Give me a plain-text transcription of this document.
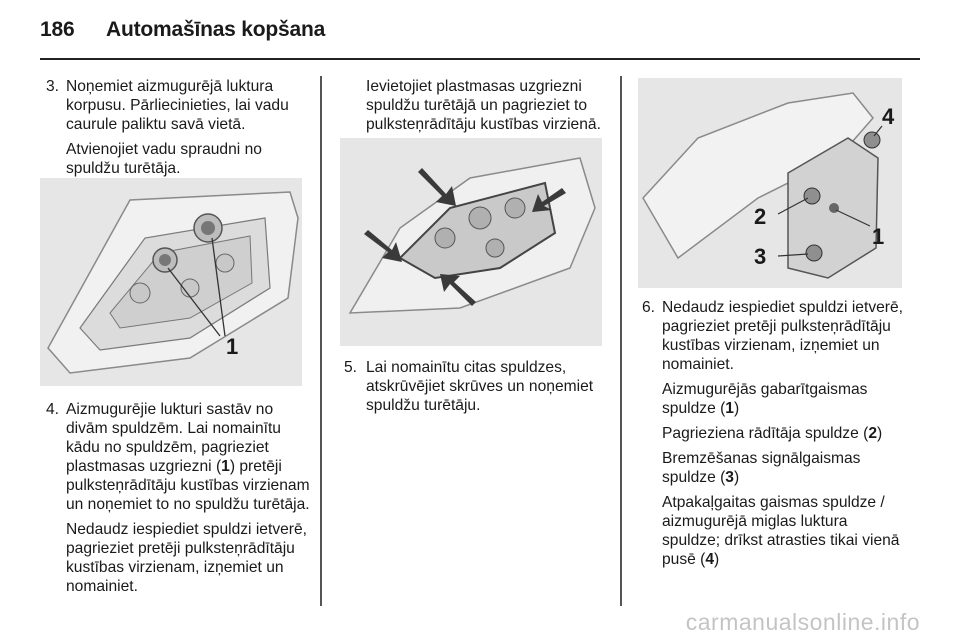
186 Automašīnas kopšana
3. Noņemiet aizmugurējā luktura korpusu. Pārliecinieties, lai vadu caurule paliktu savā vietā.

Atvienojiet vadu spraudni no spuldžu turētāja.

1
4. Aizmugurējie lukturi sastāv no divām spuldzēm. Lai nomainītu kādu no spuldzēm, pagrieziet plastmasas uzgriezni (1) pretēji pulksteņrādītāju kustības virzienam un noņemiet to no spuldžu turētāja.

Nedaudz iespiediet spuldzi ietverē, pagrieziet pretēji pulksteņrādītāju kustības virzienam, izņemiet un nomainiet.

Ievietojiet plastmasas uzgriezni spuldžu turētājā un pagrieziet to pulksteņrādītāju kustības virzienā.

5. Lai nomainītu citas spuldzes, atskrūvējiet skrūves un noņemiet spuldžu turētāju.
4
2
1
3
6. Nedaudz iespiediet spuldzi ietverē, pagrieziet pretēji pulksteņrādītāju kustības virzienam, izņemiet un nomainiet.

Aizmugurējās gabarītgaismas spuldze (1)

Pagrieziena rādītāja spuldze (2)

Bremzēšanas signālgaismas spuldze (3)

Atpakaļgaitas gaismas spuldze / aizmugurējā miglas luktura spuldze; drīkst atrasties tikai vienā pusē (4)

carmanualsonline.info
